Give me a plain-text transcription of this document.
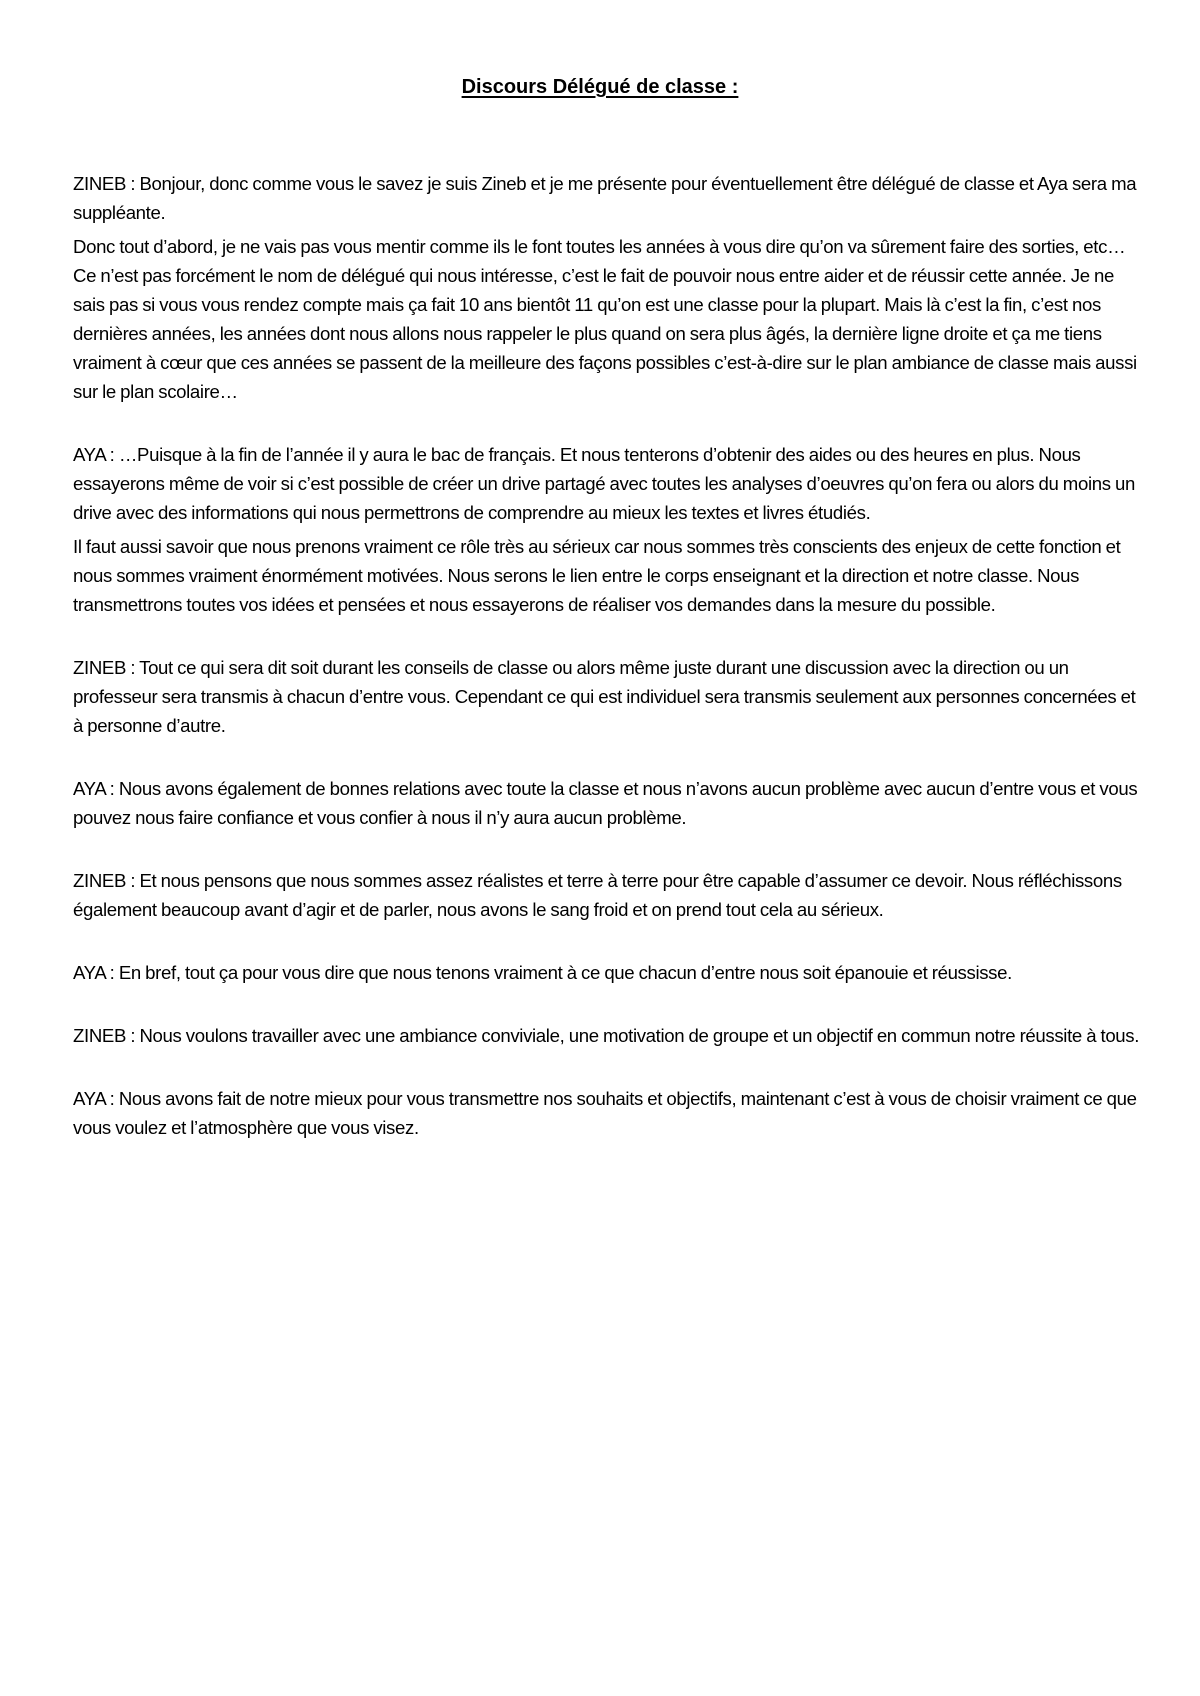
Discours Délégué de classe :

ZINEB : Bonjour, donc comme vous le savez je suis Zineb et je me présente pour éventuellement être délégué de classe et Aya sera ma suppléante.

Donc tout d’abord, je ne vais pas vous mentir comme ils le font toutes les années à vous dire qu’on va sûrement faire des sorties, etc… Ce n’est pas forcément le nom de délégué qui nous intéresse, c’est le fait de pouvoir nous entre aider et de réussir cette année. Je ne sais pas si vous vous rendez compte mais ça fait 10 ans bientôt 11 qu’on est une classe pour la plupart. Mais là c’est la fin, c’est nos dernières années, les années dont nous allons nous rappeler le plus quand on sera plus âgés, la dernière ligne droite et ça me tiens vraiment à cœur que ces années se passent de la meilleure des façons possibles c’est-à-dire sur le plan ambiance de classe mais aussi sur le plan scolaire…

AYA : …Puisque à la fin de l’année il y aura le bac de français. Et nous tenterons d’obtenir des aides ou des heures en plus. Nous essayerons même de voir si c’est possible de créer un drive partagé avec toutes les analyses d’oeuvres qu’on fera ou alors du moins un drive avec des informations qui nous permettrons de comprendre au mieux les textes et livres étudiés.

Il faut aussi savoir que nous prenons vraiment ce rôle très au sérieux car nous sommes très conscients des enjeux de cette fonction et nous sommes vraiment énormément motivées. Nous serons le lien entre le corps enseignant et la direction et notre classe. Nous transmettrons toutes vos idées et pensées et nous essayerons de réaliser vos demandes dans la mesure du possible.

ZINEB : Tout ce qui sera dit soit durant les conseils de classe ou alors même juste durant une discussion avec la direction ou un professeur sera transmis à chacun d’entre vous. Cependant ce qui est individuel sera transmis seulement aux personnes concernées et à personne d’autre.

AYA : Nous avons également de bonnes relations avec toute la classe et nous n’avons aucun problème avec aucun d’entre vous et vous pouvez nous faire confiance et vous confier à nous il n’y aura aucun problème.

ZINEB : Et nous pensons que nous sommes assez réalistes et terre à terre pour être capable d’assumer ce devoir. Nous réfléchissons également beaucoup avant d’agir et de parler, nous avons le sang froid et on prend tout cela au sérieux.

AYA : En bref, tout ça pour vous dire que nous tenons vraiment à ce que chacun d’entre nous soit épanouie et réussisse.

ZINEB : Nous voulons travailler avec une ambiance conviviale, une motivation de groupe et un objectif en commun notre réussite à tous.

AYA : Nous avons fait de notre mieux pour vous transmettre nos souhaits et objectifs, maintenant c’est à vous de choisir vraiment ce que vous voulez et l’atmosphère que vous visez.
